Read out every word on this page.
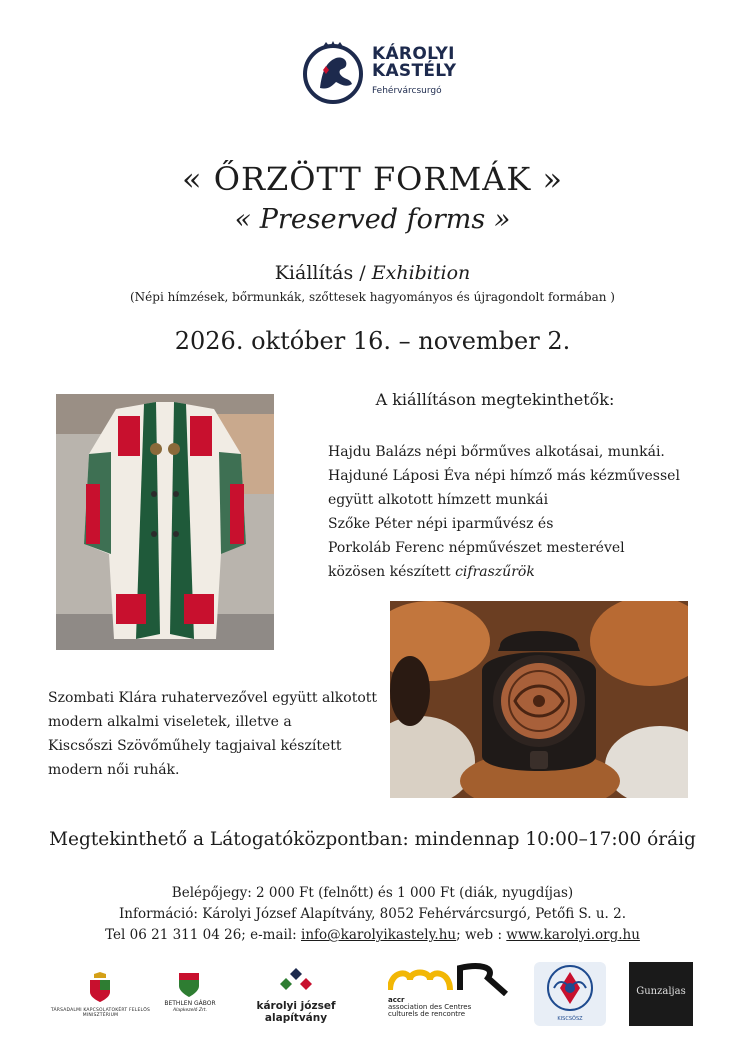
KÁROLYI
KASTÉLY
Fehérvárcsurgó
« ŐRZÖTT FORMÁK »
« Preserved forms »
Kiállítás / Exhibition
(Népi hímzések, bőrmunkák, szőttesek hagyományos és újragondolt formában )
2026. október 16. – november 2.
A kiállításon megtekinthetők:
Hajdu Balázs népi bőrműves alkotásai, munkái.
Hajduné Láposi Éva népi hímző más kézművessel
együtt alkotott hímzett munkái
Szőke Péter népi iparművész és
Porkoláb Ferenc népművészet mesterével
közösen készített cifraszűrök
Szombati Klára ruhatervezővel együtt alkotott
modern alkalmi viseletek, illetve a
Kiscsőszi Szövőműhely tagjaival készített
modern női ruhák.
Megtekinthető a Látogatóközpontban: mindennap 10:00–17:00 óráig
Belépőjegy: 2 000 Ft (felnőtt) és 1 000 Ft (diák, nyugdíjas)
Információ: Károlyi József Alapítvány, 8052 Fehérvárcsurgó, Petőfi S. u. 2.
Tel 06 21 311 04 26; e-mail: info@karolyikastely.hu; web : www.karolyi.org.hu
TÁRSADALMI KAPCSOLATOKÉRT FELELŐS MINISZTÉRIUM
BETHLEN GÁBOR
Alapkezelő Zrt.	károlyi józsef alapítvány
accr
association des Centres culturels de rencontre
KISCSŐSZ
Gunzaljas
